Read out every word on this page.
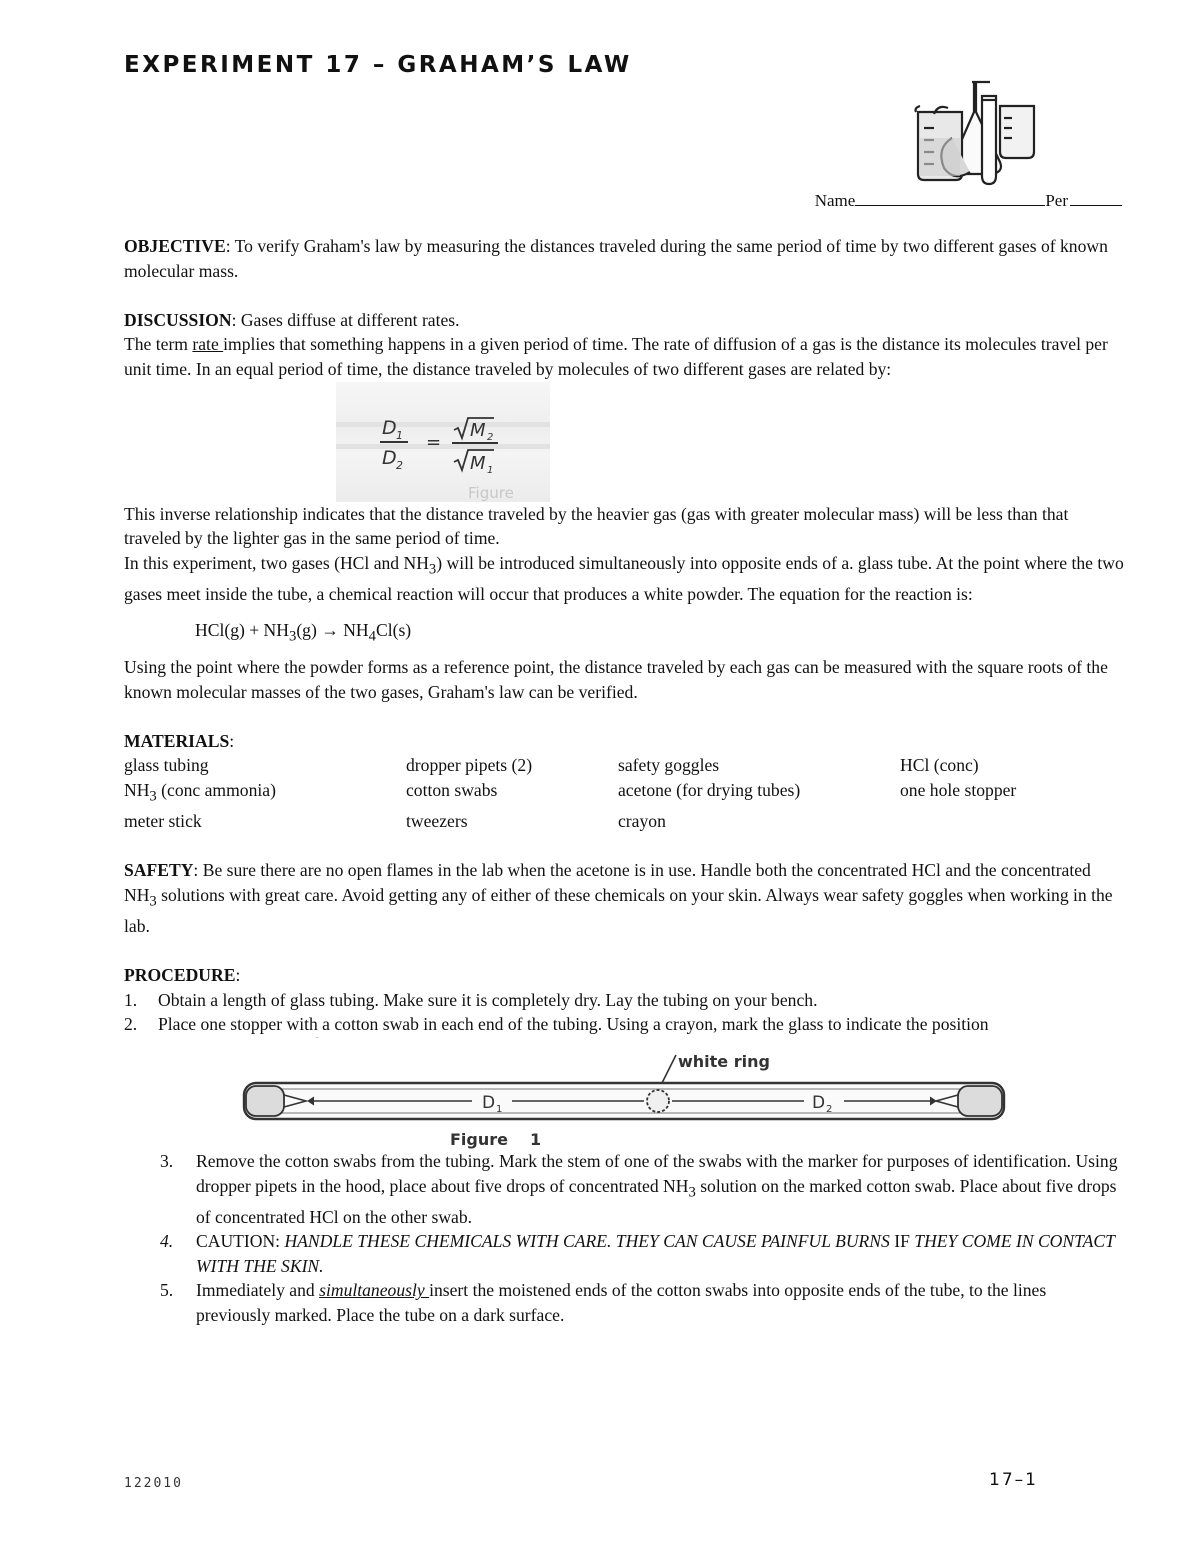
EXPERIMENT 17 – GRAHAM’S LAW
Name	Per

OBJECTIVE: To verify Graham's law by measuring the distances traveled during the same period of time by two different gases of known molecular mass.

DISCUSSION: Gases diffuse at different rates.

The term rate implies that something happens in a given period of time. The rate of diffusion of a gas is the distance its molecules travel per unit time. In an equal period of time, the distance traveled by molecules of two different gases are related by:

D 1
D 2
=
M 2
M 1
Figure

This inverse relationship indicates that the distance traveled by the heavier gas (gas with greater molecular mass) will be less than that traveled by the lighter gas in the same period of time.

In this experiment, two gases (HCl and $NH_3$) will be introduced simultaneously into opposite ends of a. glass tube. At the point where the two gases meet inside the tube, a chemical reaction will occur that produces a white powder. The equation for the reaction is:

$HCl(g) + NH_3(g) \to NH_4Cl(s)$

Using the point where the powder forms as a reference point, the distance traveled by each gas can be measured with the square roots of the known molecular masses of the two gases, Graham's law can be verified.

MATERIALS:

glass tubing	dropper pipets (2)	safety goggles	HCl (conc)
$NH_3$ (conc ammonia)	cotton swabs	acetone (for drying tubes)	one hole stopper
meter stick	tweezers	crayon

SAFETY: Be sure there are no open flames in the lab when the acetone is in use. Handle both the concentrated HCl and the concentrated $NH_3$ solutions with great care. Avoid getting any of either of these chemicals on your skin. Always wear safety goggles when working in the lab.

PROCEDURE:

1.	Obtain a length of glass tubing. Make sure it is completely dry. Lay the tubing on your bench.
2.	Place one stopper with a cotton swab in each end of the tubing. Using a crayon, mark the glass to indicate the position
white ring
D 1	D 2
Figure 1
3.	Remove the cotton swabs from the tubing. Mark the stem of one of the swabs with the marker for purposes of identification. Using dropper pipets in the hood, place about five drops of concentrated $NH_3$ solution on the marked cotton swab. Place about five drops of concentrated HCl on the other swab.
4.	CAUTION: HANDLE THESE CHEMICALS WITH CARE. THEY CAN CAUSE PAINFUL BURNS IF THEY COME IN CONTACT WITH THE SKIN.
5.	Immediately and simultaneously insert the moistened ends of the cotton swabs into opposite ends of the tube, to the lines previously marked. Place the tube on a dark surface.
122010	17–1
